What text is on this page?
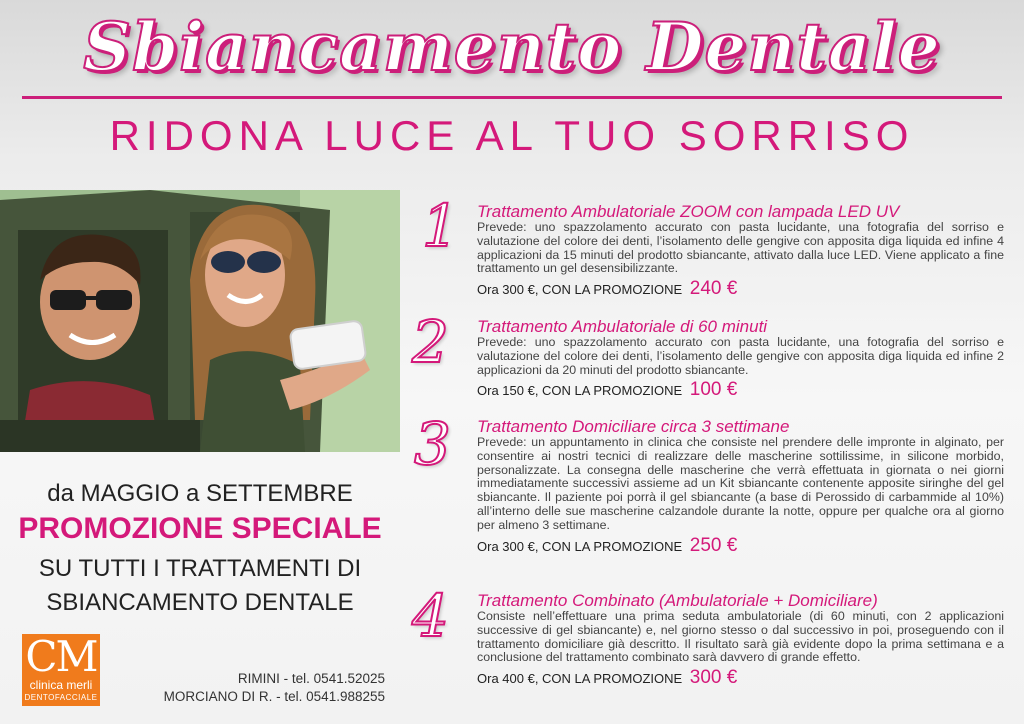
Sbiancamento Dentale
RIDONA LUCE AL TUO SORRISO
da MAGGIO a SETTEMBRE
PROMOZIONE SPECIALE
SU TUTTI I TRATTAMENTI DI
SBIANCAMENTO DENTALE
CM
clinica merli
DENTOFACCIALE
RIMINI - tel. 0541.52025
MORCIANO DI R. - tel. 0541.988255
1 Trattamento Ambulatoriale ZOOM con lampada LED UV

Prevede: uno spazzolamento accurato con pasta lucidante, una fotografia del sorriso e valutazione del colore dei denti, l’isolamento delle gengive con apposita diga liquida ed infine 4 applicazioni da 15 minuti del prodotto sbiancante, attivato dalla luce LED. Viene applicato a fine trattamento un gel desensibilizzante.

Ora 300 €, CON LA PROMOZIONE 240 €
2 Trattamento Ambulatoriale di 60 minuti

Prevede: uno spazzolamento accurato con pasta lucidante, una fotografia del sorriso e valutazione del colore dei denti, l’isolamento delle gengive con apposita diga liquida ed infine 2 applicazioni da 20 minuti del prodotto sbiancante.

Ora 150 €, CON LA PROMOZIONE 100 €
3 Trattamento Domiciliare circa 3 settimane

Prevede: un appuntamento in clinica che consiste nel prendere delle impronte in alginato, per consentire ai nostri tecnici di realizzare delle mascherine sottilissime, in silicone morbido, personalizzate. La consegna delle mascherine che verrà effettuata in giornata o nei giorni immediatamente successivi assieme ad un Kit sbiancante contenente apposite siringhe del gel sbiancante. Il paziente poi porrà il gel sbiancante (a base di Perossido di carbammide al 10%) all’interno delle sue mascherine calzandole durante la notte, oppure per qualche ora al giorno per almeno 3 settimane.

Ora 300 €, CON LA PROMOZIONE 250 €
4 Trattamento Combinato (Ambulatoriale + Domiciliare)

Consiste nell’effettuare una prima seduta ambulatoriale (di 60 minuti, con 2 applicazioni successive di gel sbiancante) e, nel giorno stesso o dal successivo in poi, proseguendo con il trattamento domiciliare già descritto. Il risultato sarà già evidente dopo la prima settimana e a conclusione del trattamento combinato sarà davvero di grande effetto.

Ora 400 €, CON LA PROMOZIONE 300 €
